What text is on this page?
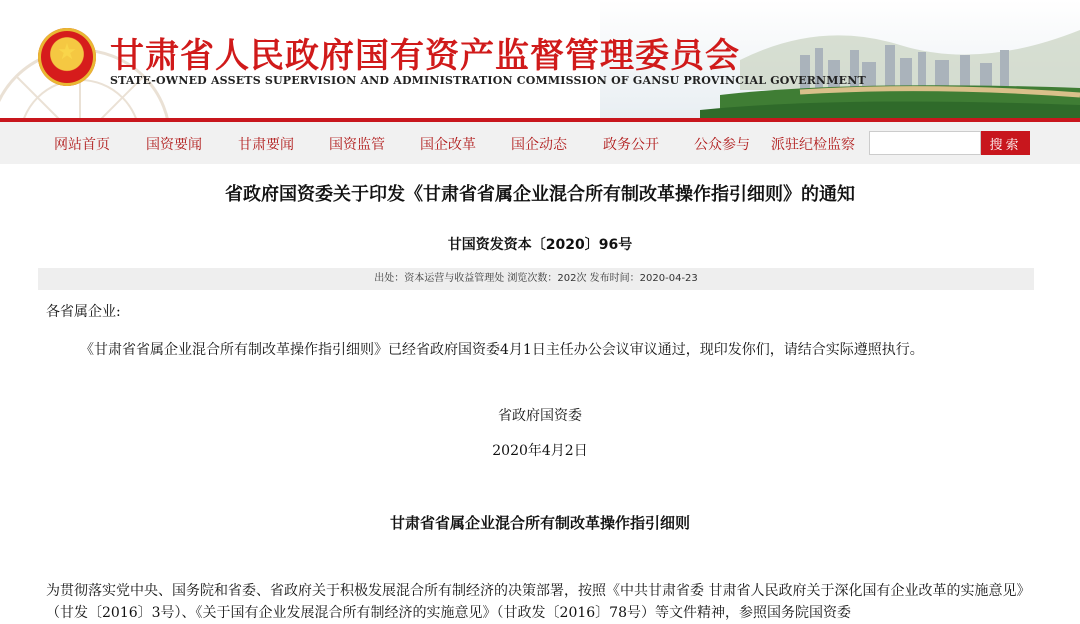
★ 甘肃省人民政府国有资产监督管理委员会
STATE-OWNED ASSETS SUPERVISION AND ADMINISTRATION COMMISSION OF GANSU PROVINCIAL GOVERNMENT
网站首页	国资要闻	甘肃要闻	国资监管	国企改革	国企动态	政务公开	公众参与 派驻纪检监察	搜索
省政府国资委关于印发《甘肃省省属企业混合所有制改革操作指引细则》的通知
甘国资发资本〔2020〕96号
出处：资本运营与收益管理处 浏览次数：202次 发布时间：2020-04-23
各省属企业:
《甘肃省省属企业混合所有制改革操作指引细则》已经省政府国资委4月1日主任办公会议审议通过，现印发你们，请结合实际遵照执行。
省政府国资委
2020年4月2日
甘肃省省属企业混合所有制改革操作指引细则
为贯彻落实党中央、国务院和省委、省政府关于积极发展混合所有制经济的决策部署，按照《中共甘肃省委 甘肃省人民政府关于深化国有企业改革的实施意见》（甘发〔2016〕3号）、《关于国有企业发展混合所有制经济的实施意见》（甘政发〔2016〕78号）等文件精神，参照国务院国资委
